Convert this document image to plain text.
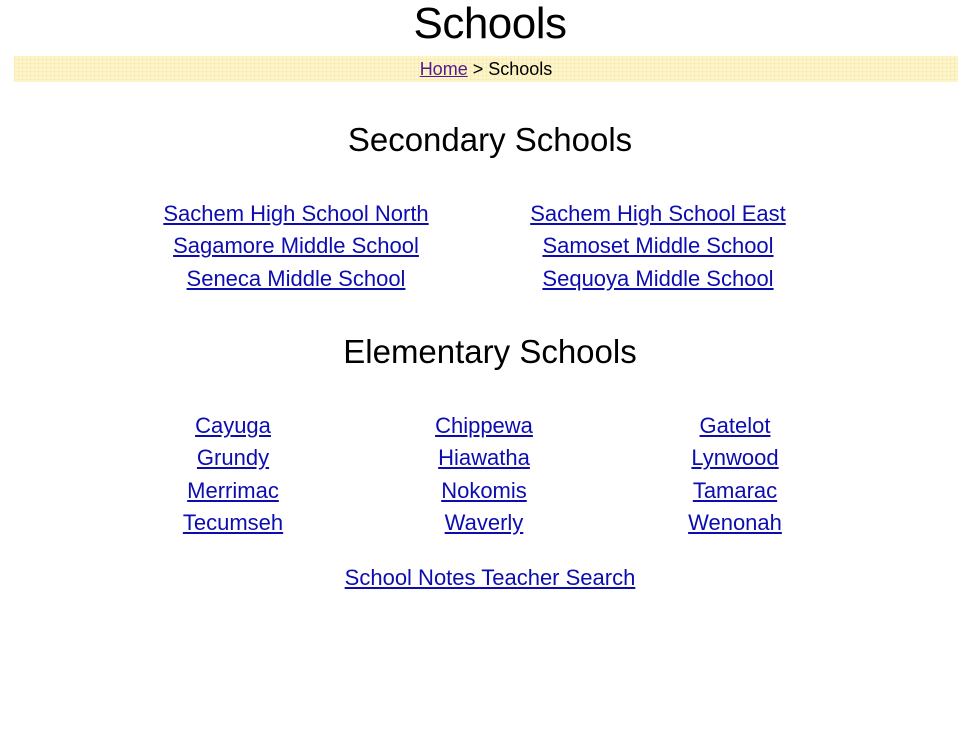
Schools
Home > Schools
Secondary Schools
Sachem High School North	Sachem High School East
Sagamore Middle School	Samoset Middle School
Seneca Middle School	Sequoya Middle School
Elementary Schools
Cayuga	Chippewa	Gatelot
Grundy	Hiawatha	Lynwood
Merrimac	Nokomis	Tamarac
Tecumseh	Waverly	Wenonah
School Notes Teacher Search
